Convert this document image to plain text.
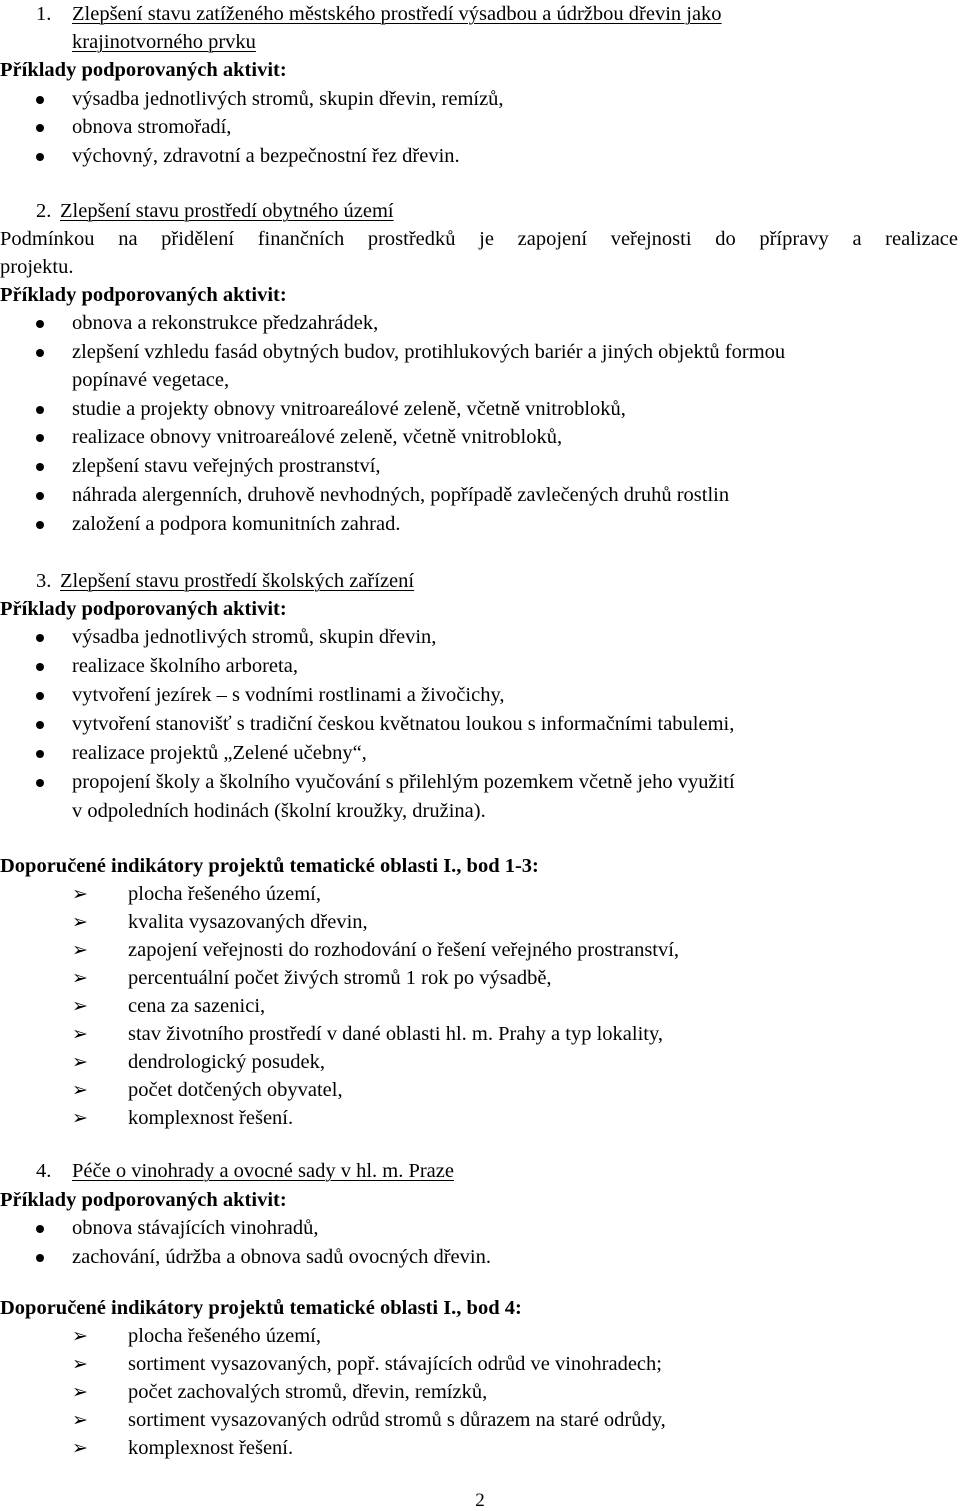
1. Zlepšení stavu zatíženého městského prostředí výsadbou a údržbou dřevin jako
krajinotvorného prvku
Příklady podporovaných aktivit:
výsadba jednotlivých stromů, skupin dřevin, remízů,
obnova stromořadí,
výchovný, zdravotní a bezpečnostní řez dřevin.
2. Zlepšení stavu prostředí obytného území
Podmínkou na přidělení finančních prostředků je zapojení veřejnosti do přípravy a realizace
projektu.
Příklady podporovaných aktivit:
obnova a rekonstrukce předzahrádek,
zlepšení vzhledu fasád obytných budov, protihlukových bariér a jiných objektů formou
popínavé vegetace,
studie a projekty obnovy vnitroareálové zeleně, včetně vnitrobloků,
realizace obnovy vnitroareálové zeleně, včetně vnitrobloků,
zlepšení stavu veřejných prostranství,
náhrada alergenních, druhově nevhodných, popřípadě zavlečených druhů rostlin
založení a podpora komunitních zahrad.
3. Zlepšení stavu prostředí školských zařízení
Příklady podporovaných aktivit:
výsadba jednotlivých stromů, skupin dřevin,
realizace školního arboreta,
vytvoření jezírek – s vodními rostlinami a živočichy,
vytvoření stanovišť s tradiční českou květnatou loukou s informačními tabulemi,
realizace projektů „Zelené učebny“,
propojení školy a školního vyučování s přilehlým pozemkem včetně jeho využití
v odpoledních hodinách (školní kroužky, družina).
Doporučené indikátory projektů tematické oblasti I., bod 1-3:
➢ plocha řešeného území,
➢ kvalita vysazovaných dřevin,
➢ zapojení veřejnosti do rozhodování o řešení veřejného prostranství,
➢ percentuální počet živých stromů 1 rok po výsadbě,
➢ cena za sazenici,
➢ stav životního prostředí v dané oblasti hl. m. Prahy a typ lokality,
➢ dendrologický posudek,
➢ počet dotčených obyvatel,
➢ komplexnost řešení.
4. Péče o vinohrady a ovocné sady v hl. m. Praze
Příklady podporovaných aktivit:
obnova stávajících vinohradů,
zachování, údržba a obnova sadů ovocných dřevin.
Doporučené indikátory projektů tematické oblasti I., bod 4:
➢ plocha řešeného území,
➢ sortiment vysazovaných, popř. stávajících odrůd ve vinohradech;
➢ počet zachovalých stromů, dřevin, remízků,
➢ sortiment vysazovaných odrůd stromů s důrazem na staré odrůdy,
➢ komplexnost řešení.
2
